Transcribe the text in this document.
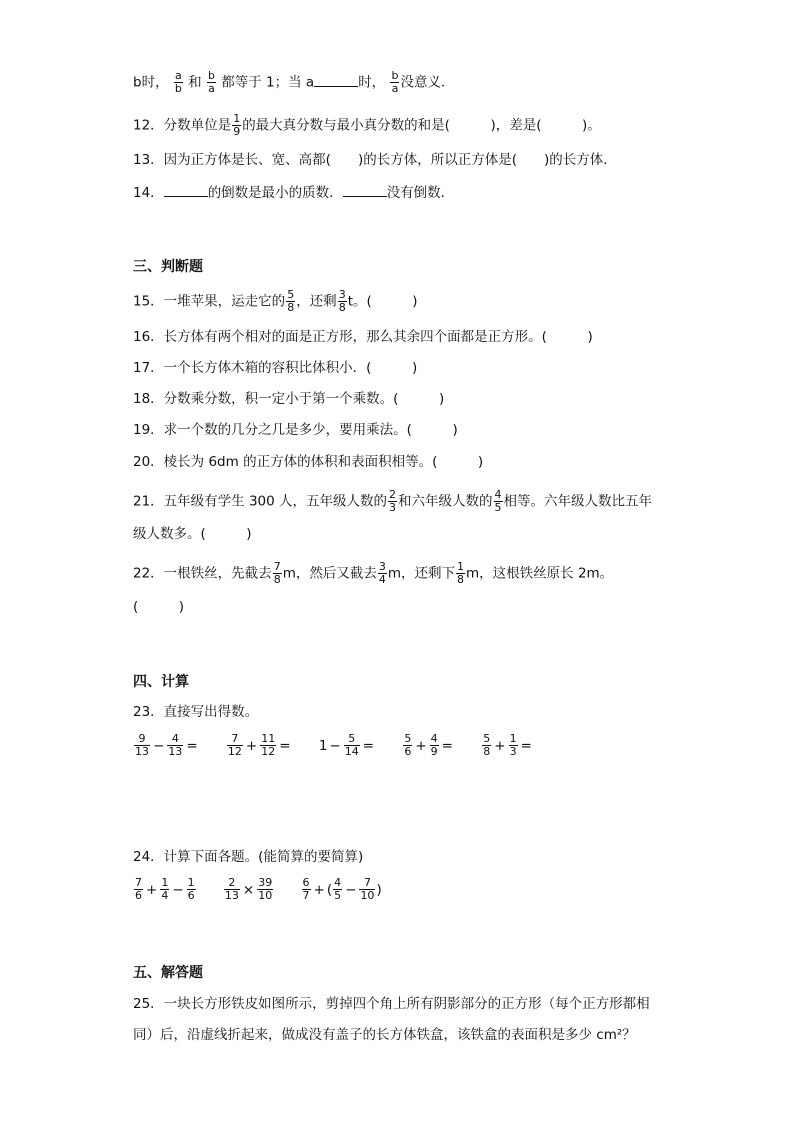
b时， $\frac{a}{b}$ 和 $\frac{b}{a}$ 都等于 1；当 a	时， $\frac{b}{a}$ 没意义．
12．分数单位是 $\frac{1}{9}$ 的最大真分数与最小真分数的和是(　　　)，差是(　　　)。
13．因为正方体是长、宽、高都(　　)的长方体，所以正方体是(　　)的长方体．
14．	的倒数是最小的质数．	没有倒数．
三、判断题
15．一堆苹果，运走它的 $\frac{5}{8}$ ，还剩 $\frac{3}{8}$ t。(　　　)
16．长方体有两个相对的面是正方形，那么其余四个面都是正方形。(　　　)
17．一个长方体木箱的容积比体积小．(　　　)
18．分数乘分数，积一定小于第一个乘数。(　　　)
19．求一个数的几分之几是多少，要用乘法。(　　　)
20．棱长为 6dm 的正方体的体积和表面积相等。(　　　)
21．五年级有学生 300 人，五年级人数的 $\frac{2}{3}$ 和六年级人数的 $\frac{4}{5}$ 相等。六年级人数比五年
级人数多。(　　　)
22．一根铁丝，先截去 $\frac{7}{8}$ m，然后又截去 $\frac{3}{4}$ m，还剩下 $\frac{1}{8}$ m，这根铁丝原长 2m。
(　　　)
四、计算
23．直接写出得数。
$\frac{9}{13} - \frac{4}{13}$ =	$\frac{7}{12} + \frac{11}{12} = 1 - \frac{5}{14}$ =	$\frac{5}{6} + \frac{4}{9}$ =	$\frac{5}{8} + \frac{1}{3}$ =
24．计算下面各题。(能简算的要简算)
$\frac{7}{6} + \frac{1}{4} - \frac{1}{6}$
	$\frac{2}{13} \times \frac{39}{10}$
	$\frac{6}{7}$ + ( $\frac{4}{5} - \frac{7}{10}$ )
五、解答题
25．一块长方形铁皮如图所示，剪掉四个角上所有阴影部分的正方形（每个正方形都相
同）后，沿虚线折起来，做成没有盖子的长方体铁盒，该铁盒的表面积是多少 cm²？
